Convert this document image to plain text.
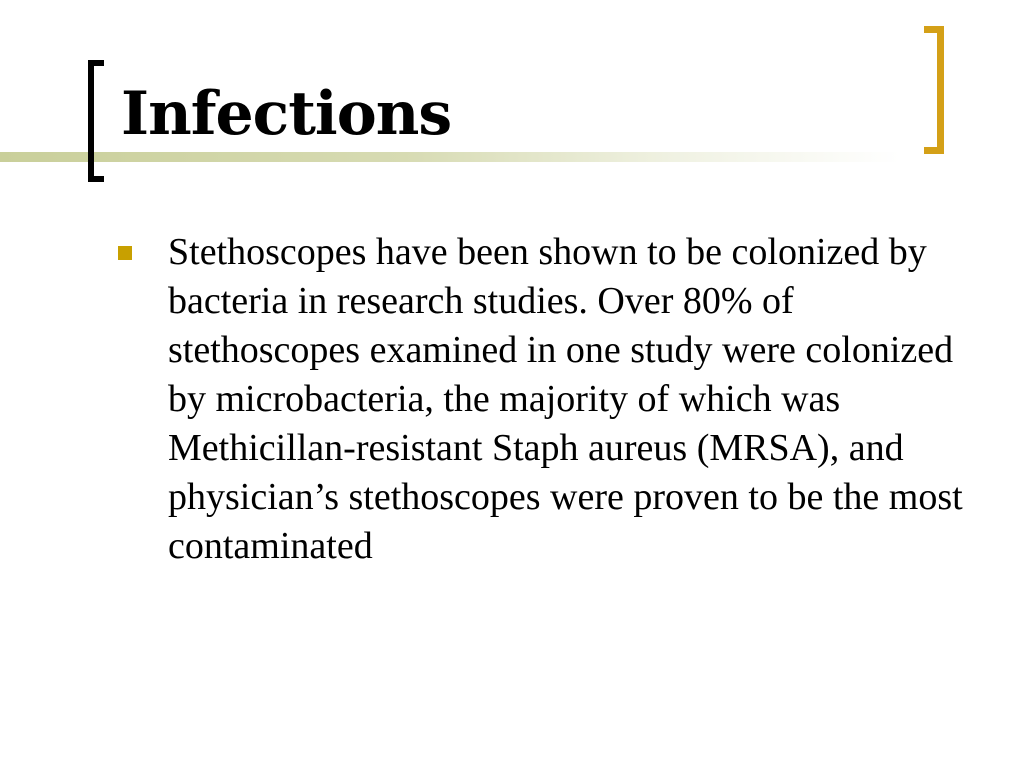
Infections
Stethoscopes have been shown to be colonized by bacteria in research studies. Over 80% of stethoscopes examined in one study were colonized by microbacteria, the majority of which was Methicillan-resistant Staph aureus (MRSA), and physician’s stethoscopes were proven to be the most contaminated
